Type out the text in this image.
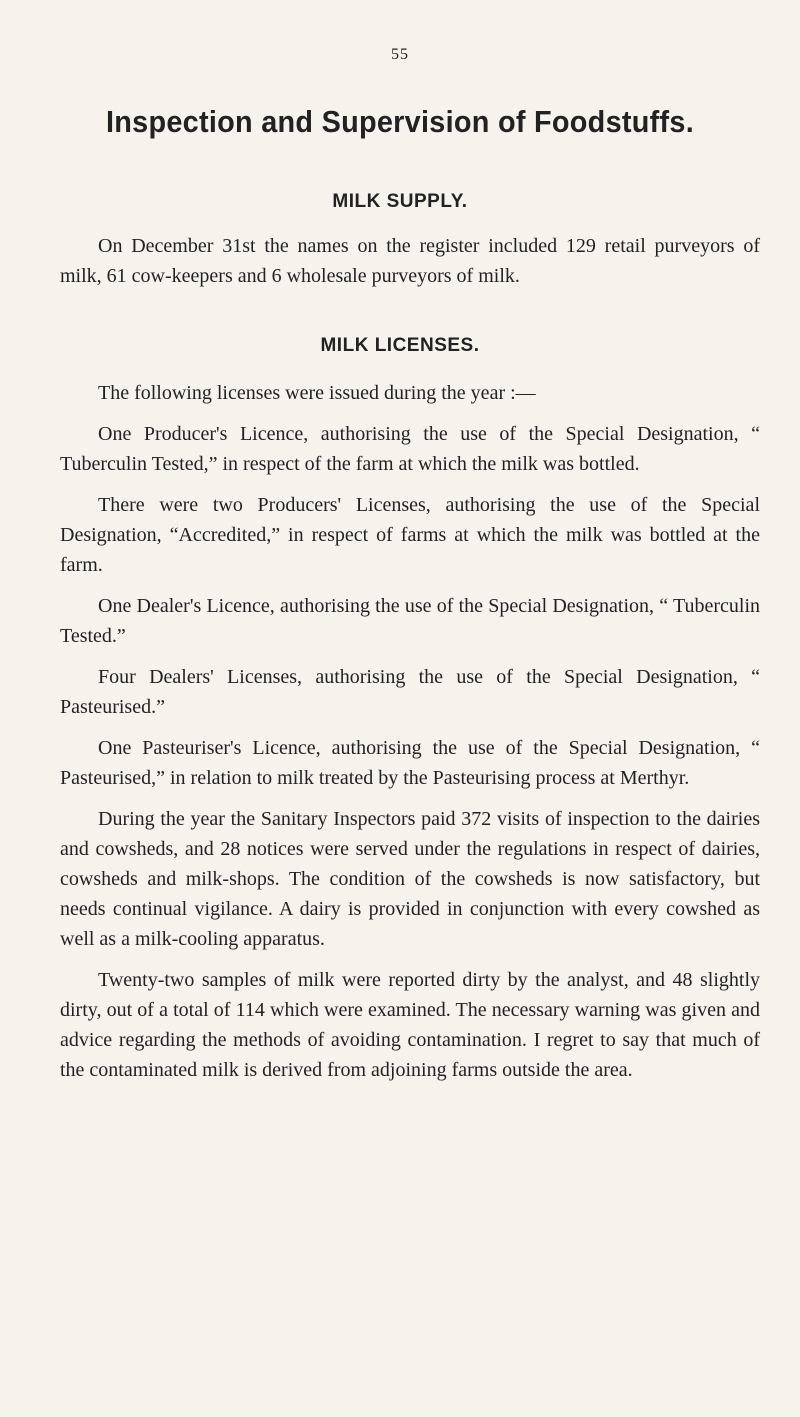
55
Inspection and Supervision of Foodstuffs.
MILK SUPPLY.

On December 31st the names on the register included 129 retail purveyors of milk, 61 cow-keepers and 6 wholesale purveyors of milk.

MILK LICENSES.

The following licenses were issued during the year :—

One Producer's Licence, authorising the use of the Special Designation, “ Tuberculin Tested,” in respect of the farm at which the milk was bottled.

There were two Producers' Licenses, authorising the use of the Special Designation, “Accredited,” in respect of farms at which the milk was bottled at the farm.

One Dealer's Licence, authorising the use of the Special Designation, “ Tuberculin Tested.”

Four Dealers' Licenses, authorising the use of the Special Designation, “ Pasteurised.”

One Pasteuriser's Licence, authorising the use of the Special Designation, “ Pasteurised,” in relation to milk treated by the Pasteurising process at Merthyr.

During the year the Sanitary Inspectors paid 372 visits of inspection to the dairies and cowsheds, and 28 notices were served under the regulations in respect of dairies, cowsheds and milk-shops. The condition of the cowsheds is now satisfactory, but needs continual vigilance. A dairy is provided in conjunction with every cowshed as well as a milk-cooling apparatus.

Twenty-two samples of milk were reported dirty by the analyst, and 48 slightly dirty, out of a total of 114 which were examined. The necessary warning was given and advice regarding the methods of avoiding contamination. I regret to say that much of the contaminated milk is derived from adjoining farms outside the area.
